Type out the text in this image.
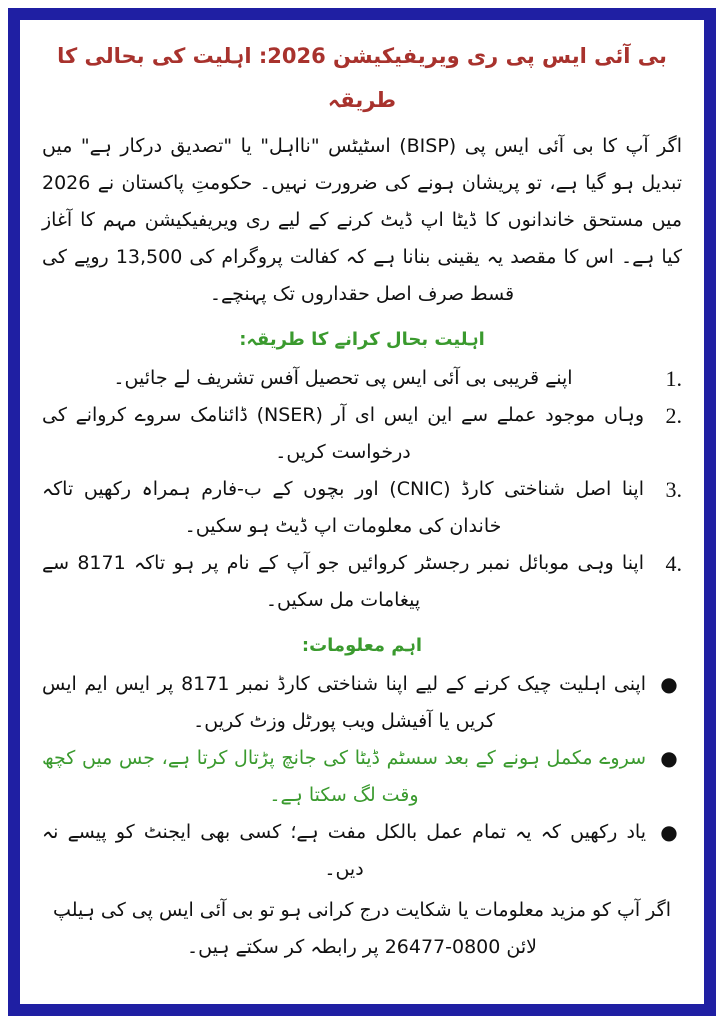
بی آئی ایس پی ری ویریفیکیشن 2026: اہلیت کی بحالی کا طریقہ
اگر آپ کا بی آئی ایس پی (BISP) اسٹیٹس "نااہل" یا "تصدیق درکار ہے" میں تبدیل ہو گیا ہے، تو پریشان ہونے کی ضرورت نہیں۔ حکومتِ پاکستان نے 2026 میں مستحق خاندانوں کا ڈیٹا اپ ڈیٹ کرنے کے لیے ری ویریفیکیشن مہم کا آغاز کیا ہے۔ اس کا مقصد یہ یقینی بنانا ہے کہ کفالت پروگرام کی 13,500 روپے کی قسط صرف اصل حقداروں تک پہنچے۔
اہلیت بحال کرانے کا طریقہ:
1.
اپنے قریبی بی آئی ایس پی تحصیل آفس تشریف لے جائیں۔
2.
وہاں موجود عملے سے این ایس ای آر (NSER) ڈائنامک سروے کروانے کی درخواست کریں۔
3.
اپنا اصل شناختی کارڈ (CNIC) اور بچوں کے ب-فارم ہمراہ رکھیں تاکہ خاندان کی معلومات اپ ڈیٹ ہو سکیں۔
4.
اپنا وہی موبائل نمبر رجسٹر کروائیں جو آپ کے نام پر ہو تاکہ 8171 سے پیغامات مل سکیں۔
اہم معلومات:
●
اپنی اہلیت چیک کرنے کے لیے اپنا شناختی کارڈ نمبر 8171 پر ایس ایم ایس کریں یا آفیشل ویب پورٹل وزٹ کریں۔
●
سروے مکمل ہونے کے بعد سسٹم ڈیٹا کی جانچ پڑتال کرتا ہے، جس میں کچھ وقت لگ سکتا ہے۔
●
یاد رکھیں کہ یہ تمام عمل بالکل مفت ہے؛ کسی بھی ایجنٹ کو پیسے نہ دیں۔
اگر آپ کو مزید معلومات یا شکایت درج کرانی ہو تو بی آئی ایس پی کی ہیلپ لائن 0800-26477 پر رابطہ کر سکتے ہیں۔
